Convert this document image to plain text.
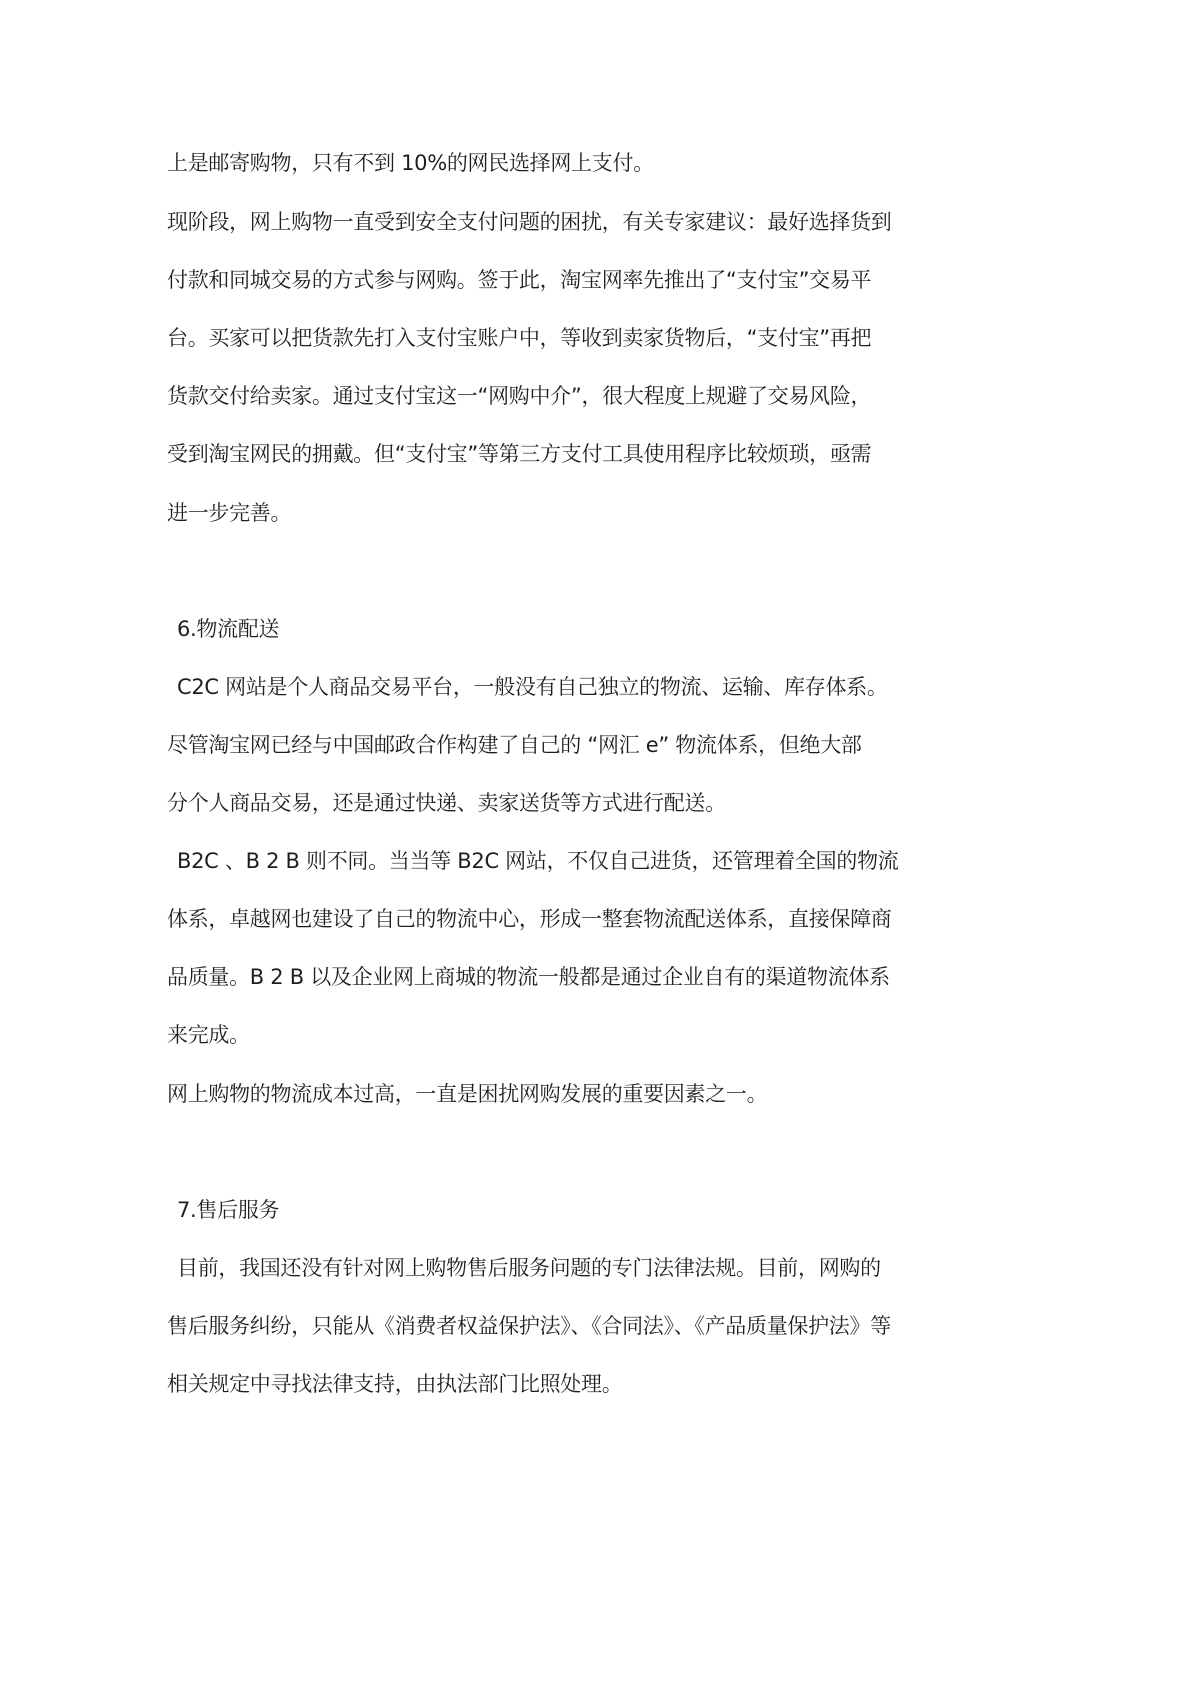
上是邮寄购物，只有不到 10%的网民选择网上支付。
现阶段，网上购物一直受到安全支付问题的困扰，有关专家建议：最好选择货到
付款和同城交易的方式参与网购。签于此，淘宝网率先推出了“支付宝”交易平
台。买家可以把货款先打入支付宝账户中，等收到卖家货物后，“支付宝”再把
货款交付给卖家。通过支付宝这一“网购中介”，很大程度上规避了交易风险，
受到淘宝网民的拥戴。但“支付宝”等第三方支付工具使用程序比较烦琐，亟需
进一步完善。
6.物流配送
C2C 网站是个人商品交易平台，一般没有自己独立的物流、运输、库存体系。
尽管淘宝网已经与中国邮政合作构建了自己的 “网汇 e” 物流体系，但绝大部
分个人商品交易，还是通过快递、卖家送货等方式进行配送。
B2C 、B 2 B 则不同。当当等 B2C 网站，不仅自己进货，还管理着全国的物流
体系，卓越网也建设了自己的物流中心，形成一整套物流配送体系，直接保障商
品质量。B 2 B 以及企业网上商城的物流一般都是通过企业自有的渠道物流体系
来完成。
网上购物的物流成本过高，一直是困扰网购发展的重要因素之一。
7.售后服务
目前，我国还没有针对网上购物售后服务问题的专门法律法规。目前，网购的
售后服务纠纷，只能从《消费者权益保护法》、《合同法》、《产品质量保护法》等
相关规定中寻找法律支持，由执法部门比照处理。
